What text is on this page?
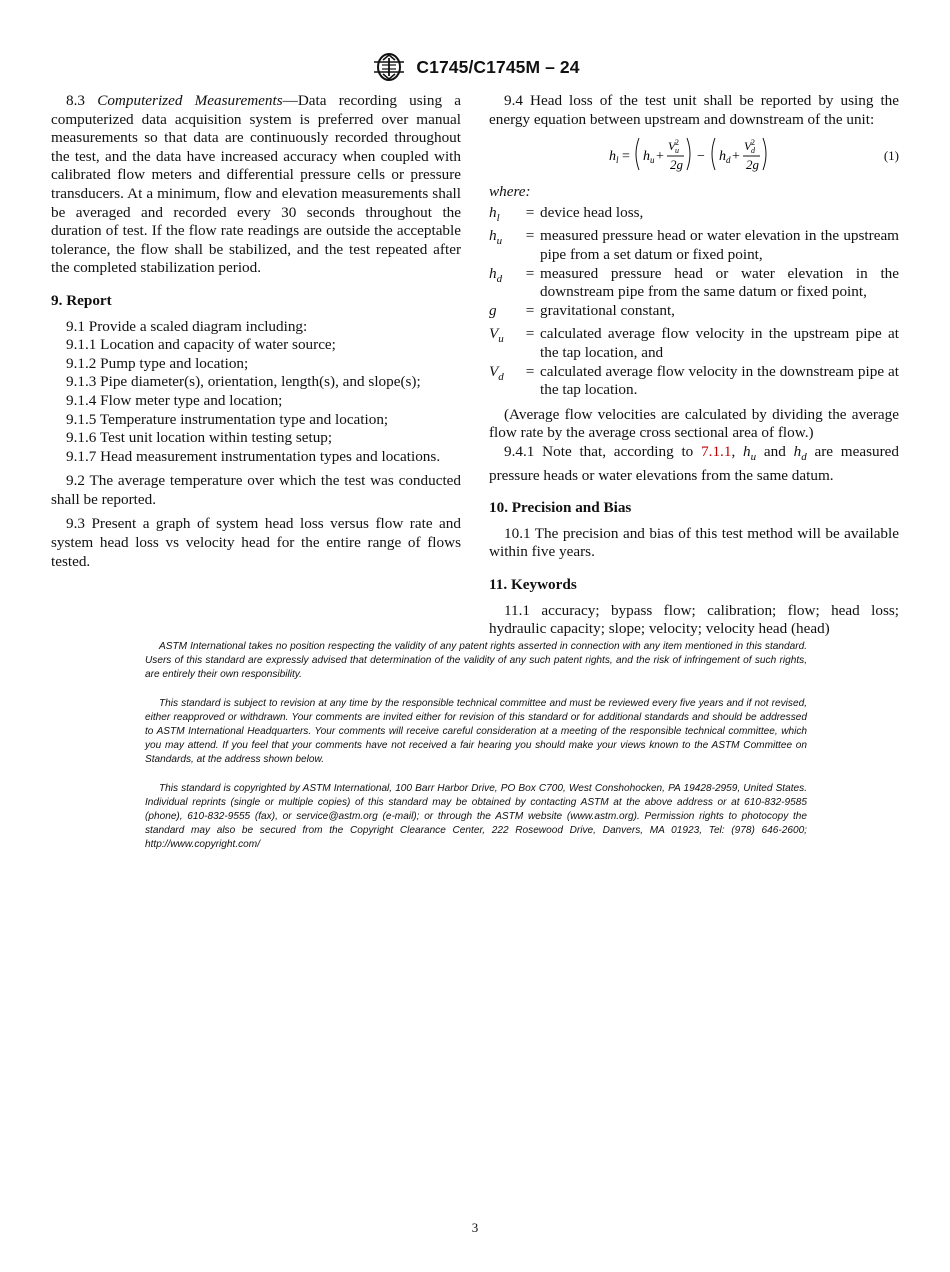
C1745/C1745M – 24

8.3 Computerized Measurements—Data recording using a computerized data acquisition system is preferred over manual measurements so that data are continuously recorded throughout the test, and the data have increased accuracy when coupled with calibrated flow meters and differential pressure cells or pressure transducers. At a minimum, flow and elevation measurements shall be averaged and recorded every 30 seconds throughout the duration of test. If the flow rate readings are outside the acceptable tolerance, the flow shall be stabilized, and the test repeated after the completed stabilization period.

9. Report

9.1 Provide a scaled diagram including:

9.1.1 Location and capacity of water source;

9.1.2 Pump type and location;

9.1.3 Pipe diameter(s), orientation, length(s), and slope(s);

9.1.4 Flow meter type and location;

9.1.5 Temperature instrumentation type and location;

9.1.6 Test unit location within testing setup;

9.1.7 Head measurement instrumentation types and locations.

9.2 The average temperature over which the test was conducted shall be reported.

9.3 Present a graph of system head loss versus flow rate and system head loss vs velocity head for the entire range of flows tested.

9.4 Head loss of the test unit shall be reported by using the energy equation between upstream and downstream of the unit:

h l = h u +
V 2
u
2g
− h d +
V 2
d
2g
(1)

where:

$h_l$	= device head loss,
$h_u$	= measured pressure head or water elevation in the upstream pipe from a set datum or fixed point,
$h_d$	= measured pressure head or water elevation in the downstream pipe from the same datum or fixed point,
g	= gravitational constant,
$V_u$	= calculated average flow velocity in the upstream pipe at the tap location, and
$V_d$	= calculated average flow velocity in the downstream pipe at the tap location.

(Average flow velocities are calculated by dividing the average flow rate by the average cross sectional area of flow.)

9.4.1 Note that, according to 7.1.1, $h_u$ and $h_d$ are measured pressure heads or water elevations from the same datum.

10. Precision and Bias

10.1 The precision and bias of this test method will be available within five years.

11. Keywords

11.1 accuracy; bypass flow; calibration; flow; head loss; hydraulic capacity; slope; velocity; velocity head (head)

ASTM International takes no position respecting the validity of any patent rights asserted in connection with any item mentioned in this standard. Users of this standard are expressly advised that determination of the validity of any such patent rights, and the risk of infringement of such rights, are entirely their own responsibility.

This standard is subject to revision at any time by the responsible technical committee and must be reviewed every five years and if not revised, either reapproved or withdrawn. Your comments are invited either for revision of this standard or for additional standards and should be addressed to ASTM International Headquarters. Your comments will receive careful consideration at a meeting of the responsible technical committee, which you may attend. If you feel that your comments have not received a fair hearing you should make your views known to the ASTM Committee on Standards, at the address shown below.

This standard is copyrighted by ASTM International, 100 Barr Harbor Drive, PO Box C700, West Conshohocken, PA 19428-2959, United States. Individual reprints (single or multiple copies) of this standard may be obtained by contacting ASTM at the above address or at 610-832-9585 (phone), 610-832-9555 (fax), or service@astm.org (e-mail); or through the ASTM website (www.astm.org). Permission rights to photocopy the standard may also be secured from the Copyright Clearance Center, 222 Rosewood Drive, Danvers, MA 01923, Tel: (978) 646-2600; http://www.copyright.com/

3
